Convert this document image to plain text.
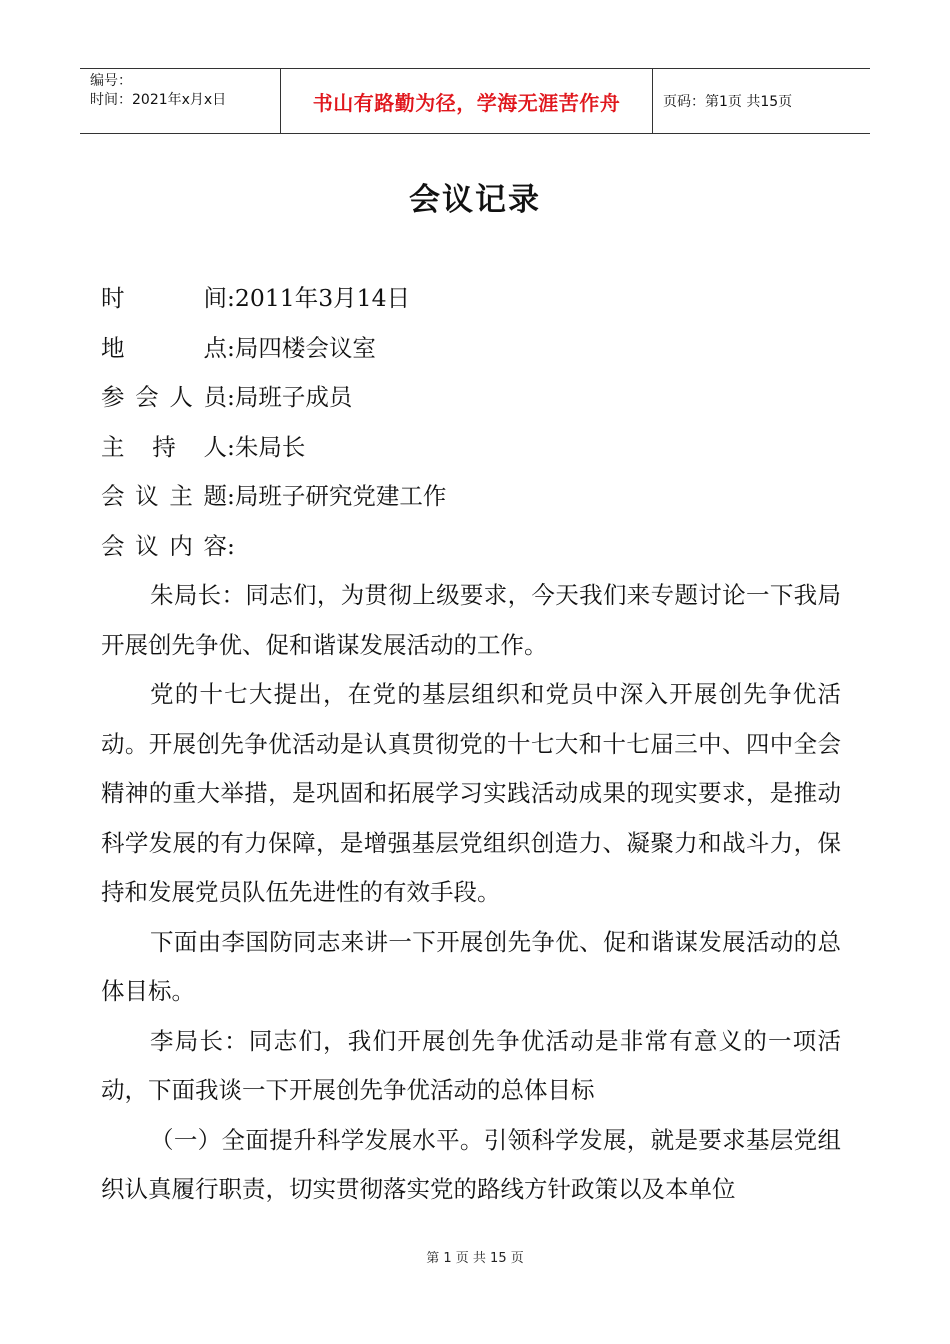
编号：
时间：2021年x月x日	书山有路勤为径，学海无涯苦作舟	页码：第1页 共15页
会议记录
时间 : 2011年3月14日
地点 : 局四楼会议室
参会人员 : 局班子成员
主持人 : 朱局长
会议主题 : 局班子研究党建工作
会议内容 :

朱局长：同志们，为贯彻上级要求，今天我们来专题讨论一下我局开展创先争优、促和谐谋发展活动的工作。

党的十七大提出，在党的基层组织和党员中深入开展创先争优活动。开展创先争优活动是认真贯彻党的十七大和十七届三中、四中全会精神的重大举措，是巩固和拓展学习实践活动成果的现实要求，是推动科学发展的有力保障，是增强基层党组织创造力、凝聚力和战斗力，保持和发展党员队伍先进性的有效手段。

下面由李国防同志来讲一下开展创先争优、促和谐谋发展活动的总体目标。

李局长：同志们，我们开展创先争优活动是非常有意义的一项活动，下面我谈一下开展创先争优活动的总体目标

（一）全面提升科学发展水平。引领科学发展，就是要求基层党组织认真履行职责，切实贯彻落实党的路线方针政策以及本单位

第 1 页 共 15 页
